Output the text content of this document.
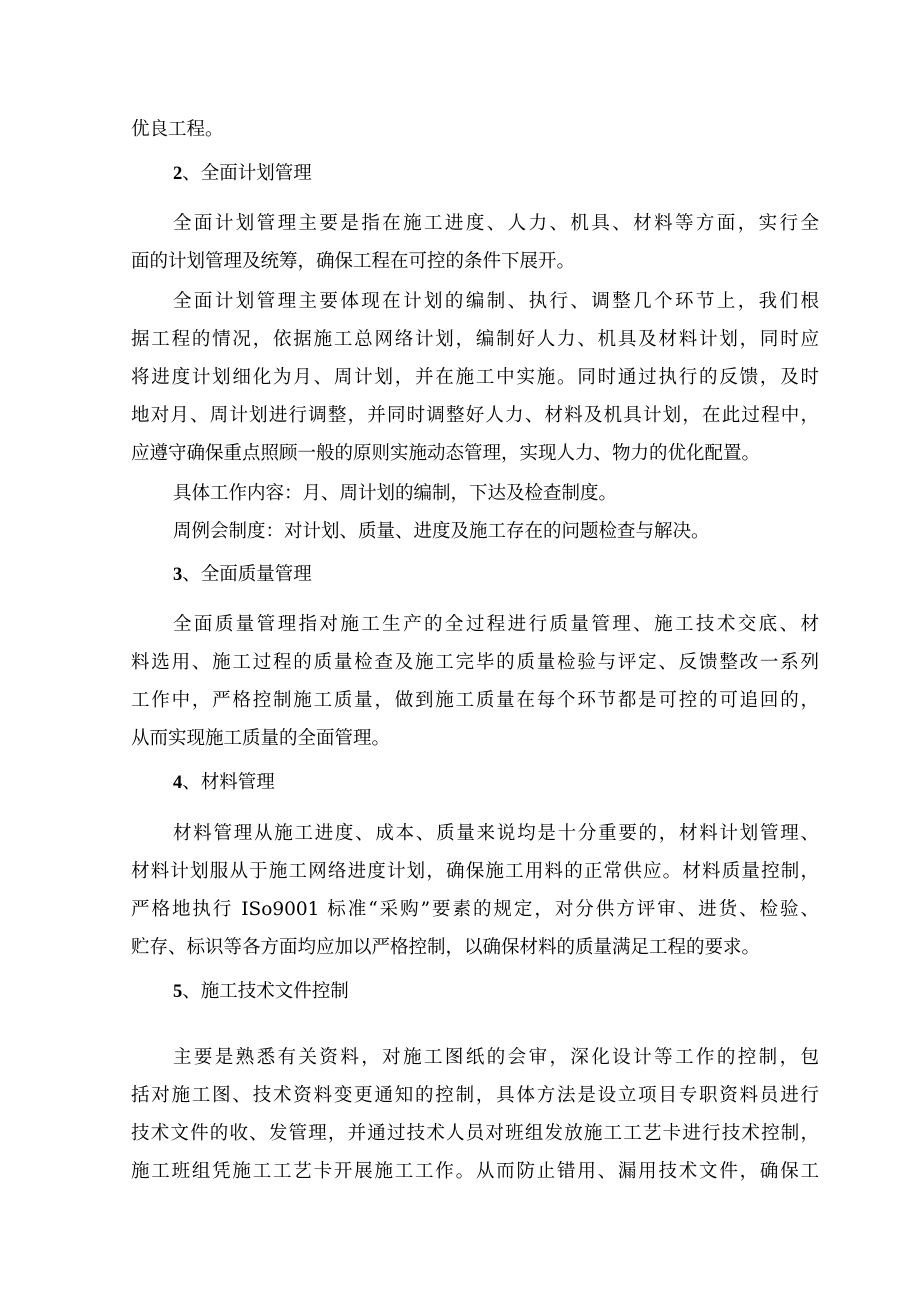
优良工程。
2、全面计划管理
全面计划管理主要是指在施工进度、人力、机具、材料等方面，实行全
面的计划管理及统筹，确保工程在可控的条件下展开。
全面计划管理主要体现在计划的编制、执行、调整几个环节上，我们根
据工程的情况，依据施工总网络计划，编制好人力、机具及材料计划，同时应
将进度计划细化为月、周计划，并在施工中实施。同时通过执行的反馈，及时
地对月、周计划进行调整，并同时调整好人力、材料及机具计划，在此过程中，
应遵守确保重点照顾一般的原则实施动态管理，实现人力、物力的优化配置。
具体工作内容：月、周计划的编制，下达及检查制度。
周例会制度：对计划、质量、进度及施工存在的问题检查与解决。
3、全面质量管理
全面质量管理指对施工生产的全过程进行质量管理、施工技术交底、材
料选用、施工过程的质量检查及施工完毕的质量检验与评定、反馈整改一系列
工作中，严格控制施工质量，做到施工质量在每个环节都是可控的可追回的，
从而实现施工质量的全面管理。
4、材料管理
材料管理从施工进度、成本、质量来说均是十分重要的，材料计划管理、
材料计划服从于施工网络进度计划，确保施工用料的正常供应。材料质量控制，
严格地执行 ISo9001 标准“采购”要素的规定，对分供方评审、进货、检验、
贮存、标识等各方面均应加以严格控制，以确保材料的质量满足工程的要求。
5、施工技术文件控制
主要是熟悉有关资料，对施工图纸的会审，深化设计等工作的控制，包
括对施工图、技术资料变更通知的控制，具体方法是设立项目专职资料员进行
技术文件的收、发管理，并通过技术人员对班组发放施工工艺卡进行技术控制，
施工班组凭施工工艺卡开展施工工作。从而防止错用、漏用技术文件，确保工
